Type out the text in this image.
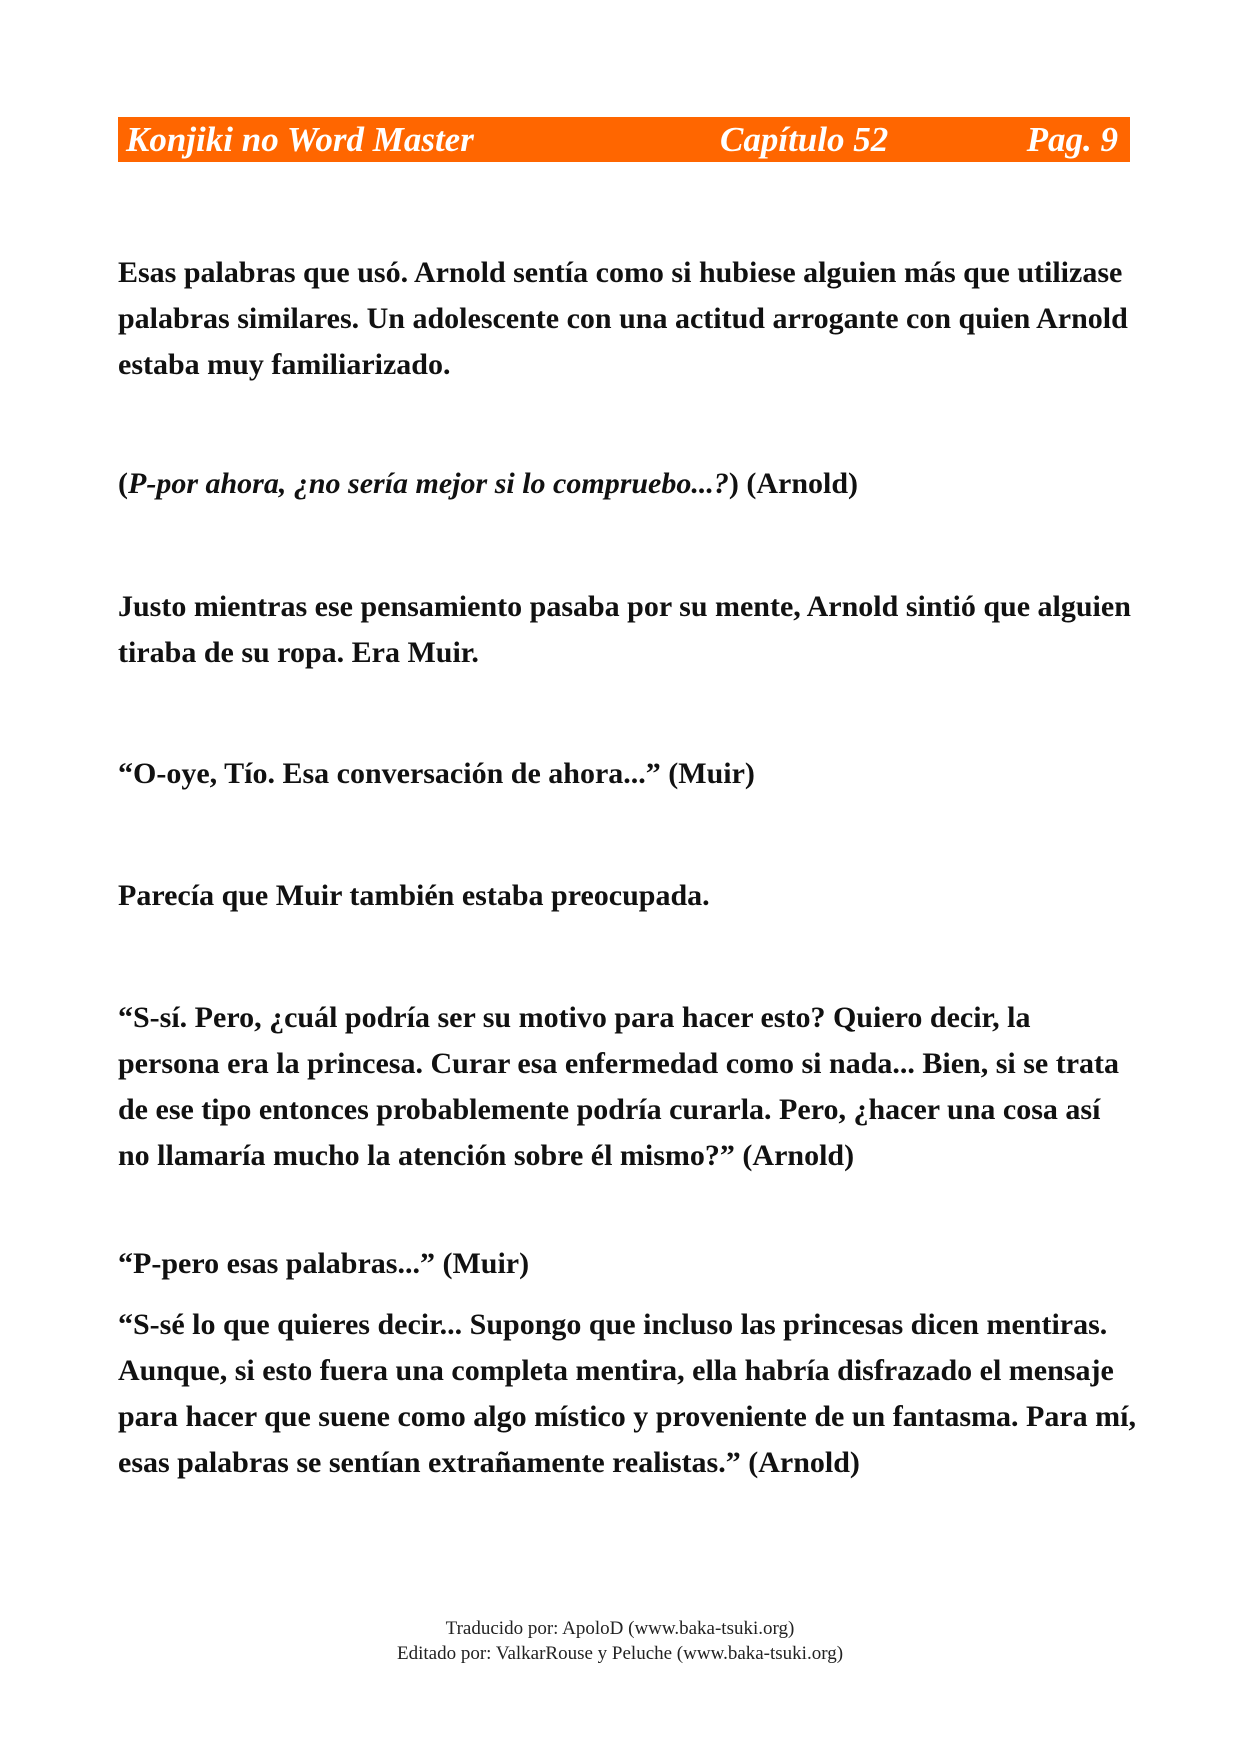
Konjiki no Word Master	Capítulo 52	Pag. 9

Esas palabras que usó. Arnold sentía como si hubiese alguien más que utilizase palabras similares. Un adolescente con una actitud arrogante con quien Arnold estaba muy familiarizado.

(P-por ahora, ¿no sería mejor si lo compruebo...?) (Arnold)

Justo mientras ese pensamiento pasaba por su mente, Arnold sintió que alguien tiraba de su ropa. Era Muir.

“O-oye, Tío. Esa conversación de ahora...” (Muir)

Parecía que Muir también estaba preocupada.

“S-sí. Pero, ¿cuál podría ser su motivo para hacer esto? Quiero decir, la persona era la princesa. Curar esa enfermedad como si nada... Bien, si se trata de ese tipo entonces probablemente podría curarla. Pero, ¿hacer una cosa así no llamaría mucho la atención sobre él mismo?” (Arnold)

“P-pero esas palabras...” (Muir)

“S-sé lo que quieres decir... Supongo que incluso las princesas dicen mentiras. Aunque, si esto fuera una completa mentira, ella habría disfrazado el mensaje para hacer que suene como algo místico y proveniente de un fantasma. Para mí, esas palabras se sentían extrañamente realistas.” (Arnold)

Traducido por: ApoloD (www.baka-tsuki.org)
Editado por: ValkarRouse y Peluche (www.baka-tsuki.org)
